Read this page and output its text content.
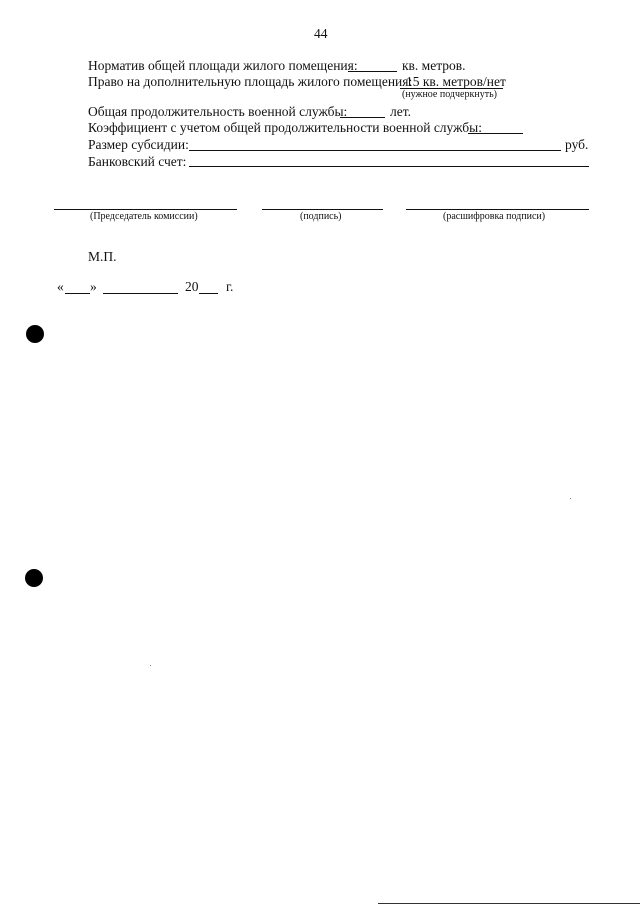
44
Норматив общей площади жилого помещения:	кв. метров.
Право на дополнительную площадь жилого помещения:
15 кв. метров/нет
(нужное подчеркнуть)
Общая продолжительность военной службы:	лет.
Коэффициент с учетом общей продолжительности военной службы:
Размер субсидии:	руб.
Банковский счет:
(Председатель комиссии)	(подпись)	(расшифровка подписи)
М.П.
« »	20 г.
